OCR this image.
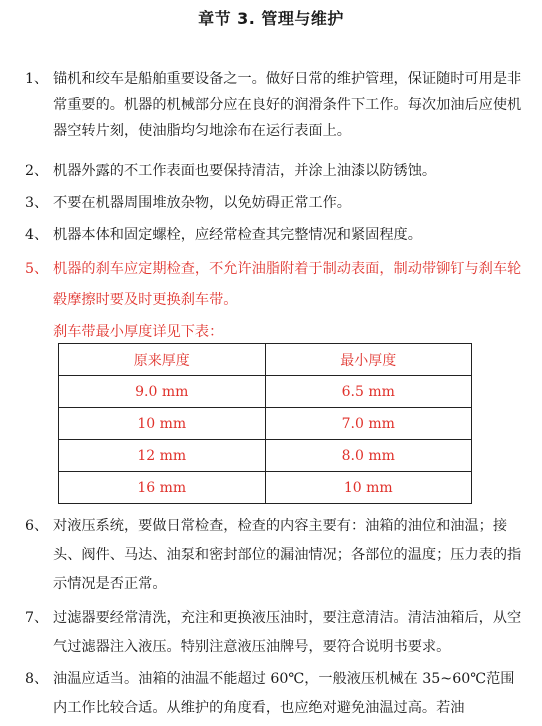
章节 3. 管理与维护
1、 锚机和绞车是船舶重要设备之一。做好日常的维护管理，保证随时可用是非常重要的。机器的机械部分应在良好的润滑条件下工作。每次加油后应使机器空转片刻，使油脂均匀地涂布在运行表面上。
2、 机器外露的不工作表面也要保持清洁，并涂上油漆以防锈蚀。
3、 不要在机器周围堆放杂物，以免妨碍正常工作。
4、 机器本体和固定螺栓，应经常检查其完整情况和紧固程度。
5、 机器的刹车应定期检查，不允许油脂附着于制动表面，制动带铆钉与刹车轮毂摩擦时要及时更换刹车带。
刹车带最小厚度详见下表：
原来厚度	最小厚度
9.0 mm	6.5 mm
10 mm	7.0 mm
12 mm	8.0 mm
16 mm	10 mm
6、 对液压系统，要做日常检查，检查的内容主要有：油箱的油位和油温；接头、阀件、马达、油泵和密封部位的漏油情况；各部位的温度；压力表的指示情况是否正常。
7、 过滤器要经常清洗，充注和更换液压油时，要注意清洁。清洁油箱后，从空气过滤器注入液压。特别注意液压油牌号，要符合说明书要求。
8、 油温应适当。油箱的油温不能超过 60℃，一般液压机械在 35~60℃范围内工作比较合适。从维护的角度看，也应绝对避免油温过高。若油
